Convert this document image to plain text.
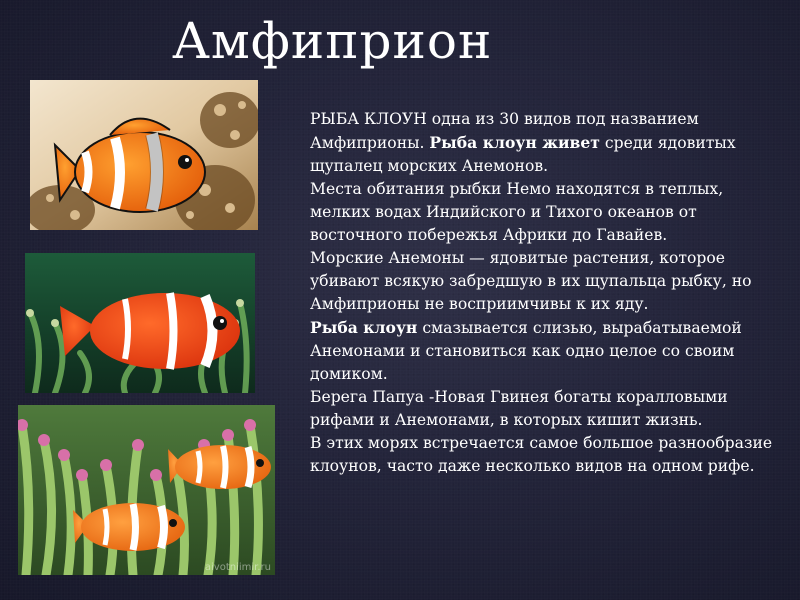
Амфиприон
aivotniimir.ru

РЫБА КЛОУН одна из 30 видов под названием Амфиприоны. Рыба клоун живет среди ядовитых щупалец морских Анемонов.

Места обитания рыбки Немо находятся в теплых, мелких водах Индийского и Тихого океанов от восточного побережья Африки до Гавайев.

Морские Анемоны — ядовитые растения, которое убивают всякую забредшую в их щупальца рыбку, но Амфиприоны не восприимчивы к их яду.

Рыба клоун смазывается слизью, вырабатываемой Анемонами и становиться как одно целое со своим домиком.

Берега Папуа -Новая Гвинея богаты коралловыми рифами и Анемонами, в которых кишит жизнь.

В этих морях встречается самое большое разнообразие клоунов, часто даже несколько видов на одном рифе.
